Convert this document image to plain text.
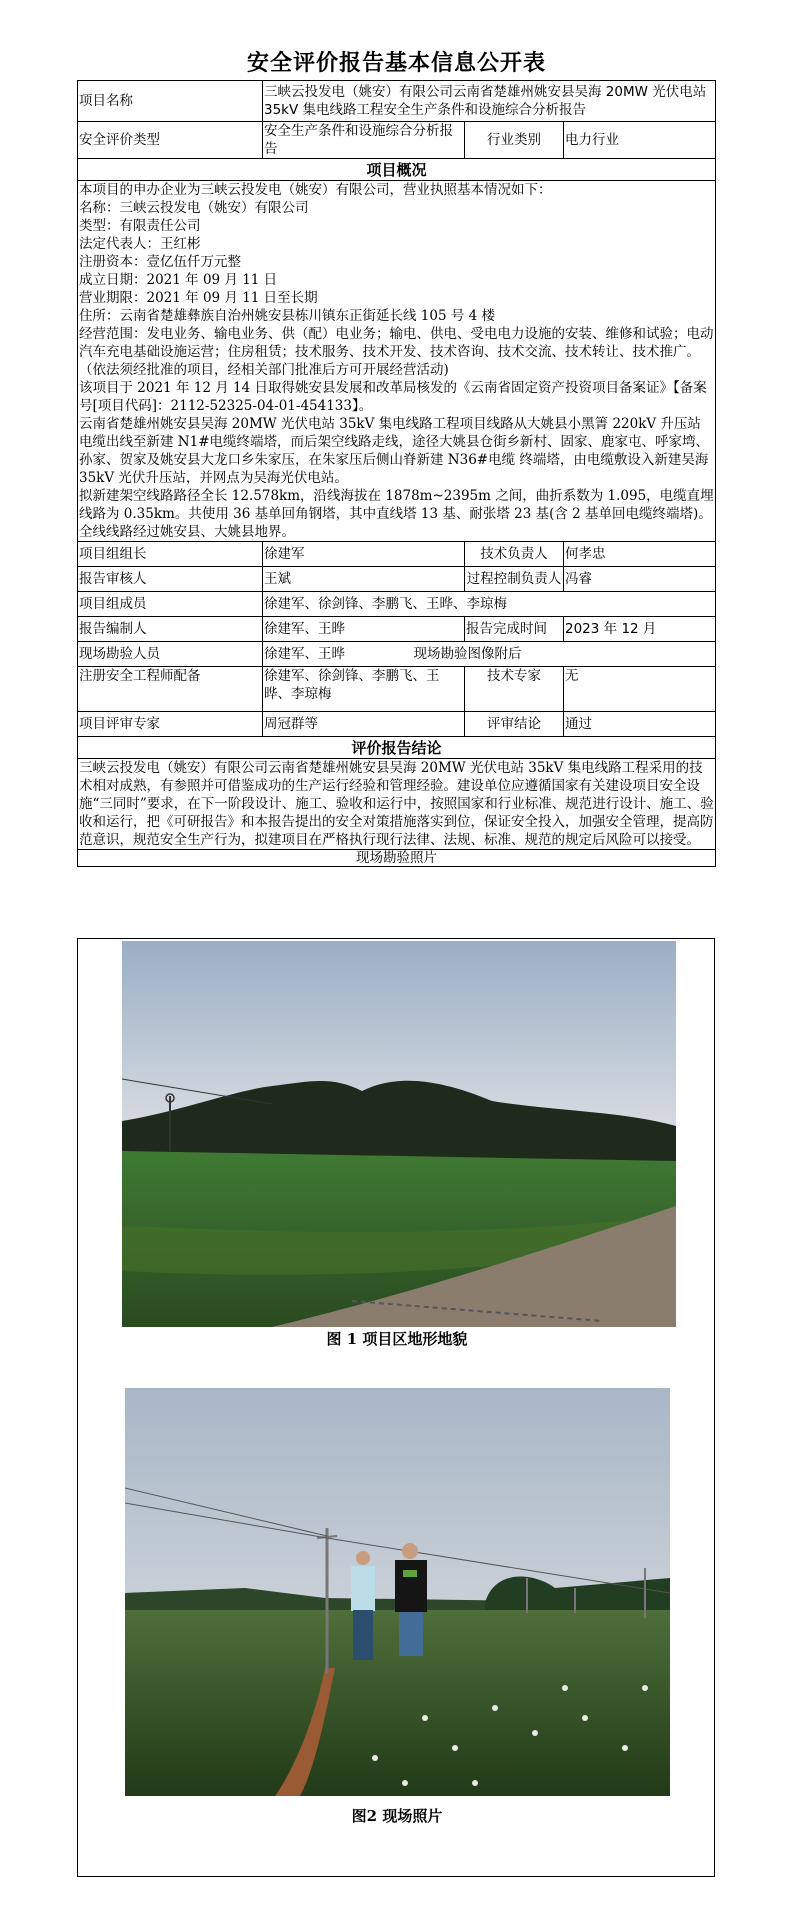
安全评价报告基本信息公开表
项目名称	三峡云投发电（姚安）有限公司云南省楚雄州姚安县吴海 20MW 光伏电站 35kV 集电线路工程安全生产条件和设施综合分析报告			
安全评价类型	安全生产条件和设施综合分析报告		行业类别	电力行业
项目概况				

本项目的申办企业为三峡云投发电（姚安）有限公司，营业执照基本情况如下：
名称：三峡云投发电（姚安）有限公司
类型：有限责任公司
法定代表人：王红彬
注册资本：壹亿伍仟万元整
成立日期：2021 年 09 月 11 日
营业期限：2021 年 09 月 11 日至长期
住所：云南省楚雄彝族自治州姚安县栋川镇东正街延长线 105 号 4 楼
经营范围：发电业务、输电业务、供（配）电业务；输电、供电、受电电力设施的安装、维修和试验；电动汽车充电基础设施运营；住房租赁；技术服务、技术开发、技术咨询、技术交流、技术转让、技术推广。（依法须经批准的项目，经相关部门批准后方可开展经营活动)
该项目于 2021 年 12 月 14 日取得姚安县发展和改革局核发的《云南省固定资产投资项目备案证》【备案号[项目代码]：2112-52325-04-01-454133】。
云南省楚雄州姚安县吴海 20MW 光伏电站 35kV 集电线路工程项目线路从大姚县小黑箐 220kV 升压站电缆出线至新建 N1#电缆终端塔，而后架空线路走线，途径大姚县仓街乡新村、固家、鹿家屯、呼家塆、孙家、贺家及姚安县大龙口乡朱家压，在朱家压后侧山脊新建 N36#电缆 终端塔，由电缆敷设入新建吴海 35kV 光伏升压站，并网点为吴海光伏电站。
拟新建架空线路路径全长 12.578km，沿线海拔在 1878m~2395m 之间，曲折系数为 1.095，电缆直埋线路为 0.35km。共使用 36 基单回角钢塔，其中直线塔 13 基、耐张塔 23 基(含 2 基单回电缆终端塔)。
全线线路经过姚安县、大姚县地界。

项目组组长	徐建军		技术负责人	何孝忠
报告审核人	王斌		过程控制负责人	冯睿
项目组成员	徐建军、徐剑锋、李鹏飞、王晔、李琼梅			
报告编制人	徐建军、王晔		报告完成时间	2023 年 12 月
现场勘验人员	徐建军、王晔	现场勘验图像附后		
注册安全工程师配备	徐建军、徐剑锋、李鹏飞、王晔、李琼梅		技术专家	无
项目评审专家	周冠群等		评审结论	通过
评价报告结论				
三峡云投发电（姚安）有限公司云南省楚雄州姚安县吴海 20MW 光伏电站 35kV 集电线路工程采用的技术相对成熟，有参照并可借鉴成功的生产运行经验和管理经验。建设单位应遵循国家有关建设项目安全设施“三同时”要求，在下一阶段设计、施工、验收和运行中，按照国家和行业标准、规范进行设计、施工、验收和运行，把《可研报告》和本报告提出的安全对策措施落实到位，保证安全投入，加强安全管理，提高防范意识，规范安全生产行为，拟建项目在严格执行现行法律、法规、标准、规范的规定后风险可以接受。				
现场勘验照片				
图 1 项目区地形地貌
图2 现场照片
